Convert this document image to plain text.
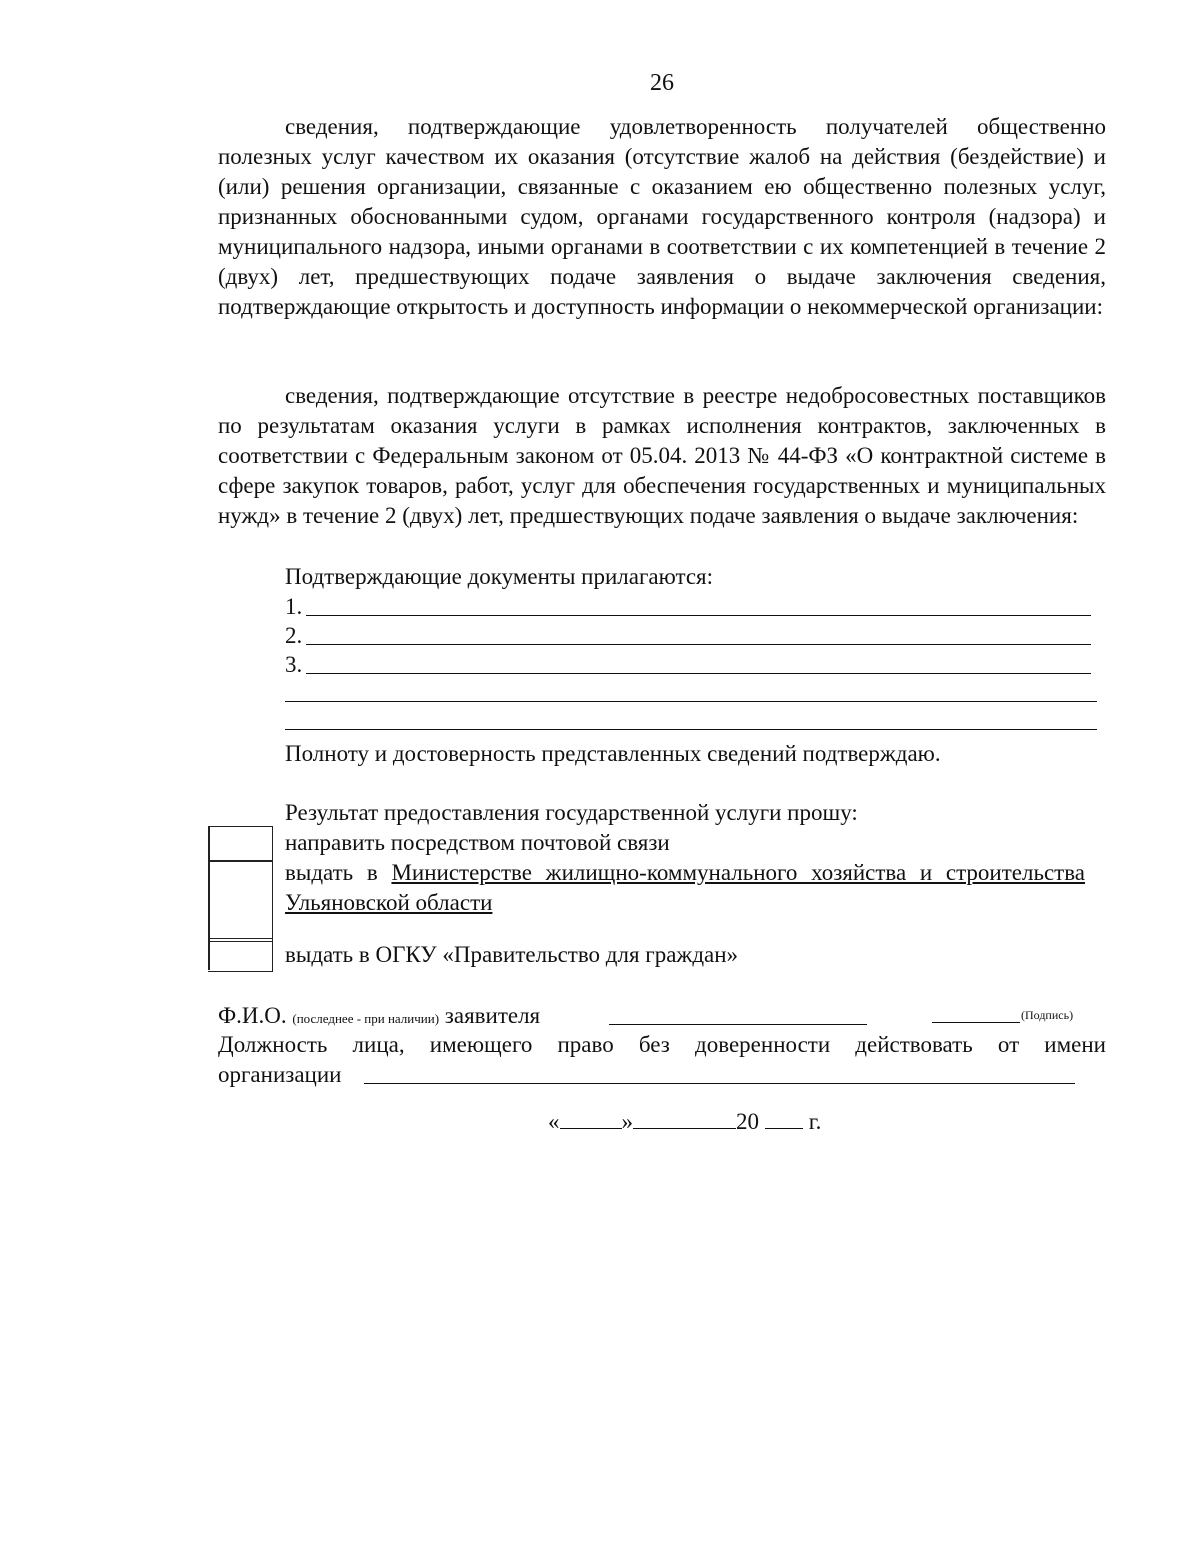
26
сведения, подтверждающие удовлетворенность получателей общественно полезных услуг качеством их оказания (отсутствие жалоб на действия (бездействие) и (или) решения организации, связанные с оказанием ею общественно полезных услуг, признанных обоснованными судом, органами государственного контроля (надзора) и муниципального надзора, иными органами в соответствии с их компетенцией в течение 2 (двух) лет, предшествующих подаче заявления о выдаче заключения сведения, подтверждающие открытость и доступность информации о некоммерческой организации:
сведения, подтверждающие отсутствие в реестре недобросовестных поставщиков по результатам оказания услуги в рамках исполнения контрактов, заключенных в соответствии с Федеральным законом от 05.04. 2013 № 44-ФЗ «О контрактной системе в сфере закупок товаров, работ, услуг для обеспечения государственных и муниципальных нужд» в течение 2 (двух) лет, предшествующих подаче заявления о выдаче заключения:
Подтверждающие документы прилагаются:
1.
2.
3.
Полноту и достоверность представленных сведений подтверждаю.
Результат предоставления государственной услуги прошу:
направить посредством почтовой связи
выдать в Министерстве жилищно-коммунального хозяйства и строительства Ульяновской области
выдать в ОГКУ «Правительство для граждан»
Ф.И.О. (последнее - при наличии) заявителя	(Подпись)
Должность лица, имеющего право без доверенности действовать от имени
организации
«	»	20 г.
